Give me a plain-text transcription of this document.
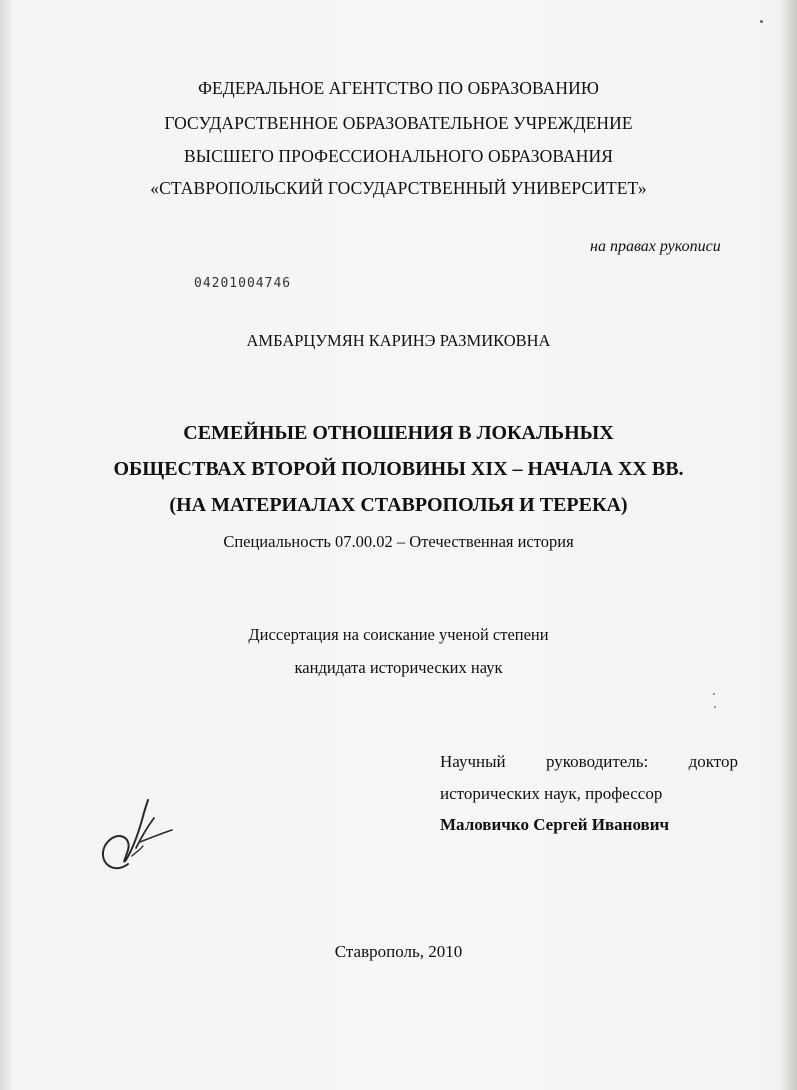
ФЕДЕРАЛЬНОЕ АГЕНТСТВО ПО ОБРАЗОВАНИЮ
ГОСУДАРСТВЕННОЕ ОБРАЗОВАТЕЛЬНОЕ УЧРЕЖДЕНИЕ
ВЫСШЕГО ПРОФЕССИОНАЛЬНОГО ОБРАЗОВАНИЯ
«СТАВРОПОЛЬСКИЙ ГОСУДАРСТВЕННЫЙ УНИВЕРСИТЕТ»
на правах рукописи
04201004746
АМБАРЦУМЯН КАРИНЭ РАЗМИКОВНА
СЕМЕЙНЫЕ ОТНОШЕНИЯ В ЛОКАЛЬНЫХ
ОБЩЕСТВАХ ВТОРОЙ ПОЛОВИНЫ XIX – НАЧАЛА XX ВВ.
(НА МАТЕРИАЛАХ СТАВРОПОЛЬЯ И ТЕРЕКА)
Специальность 07.00.02 – Отечественная история
Диссертация на соискание ученой степени
кандидата исторических наук
Научный руководитель: доктор
исторических наук, профессор
Маловичко Сергей Иванович
Ставрополь, 2010
